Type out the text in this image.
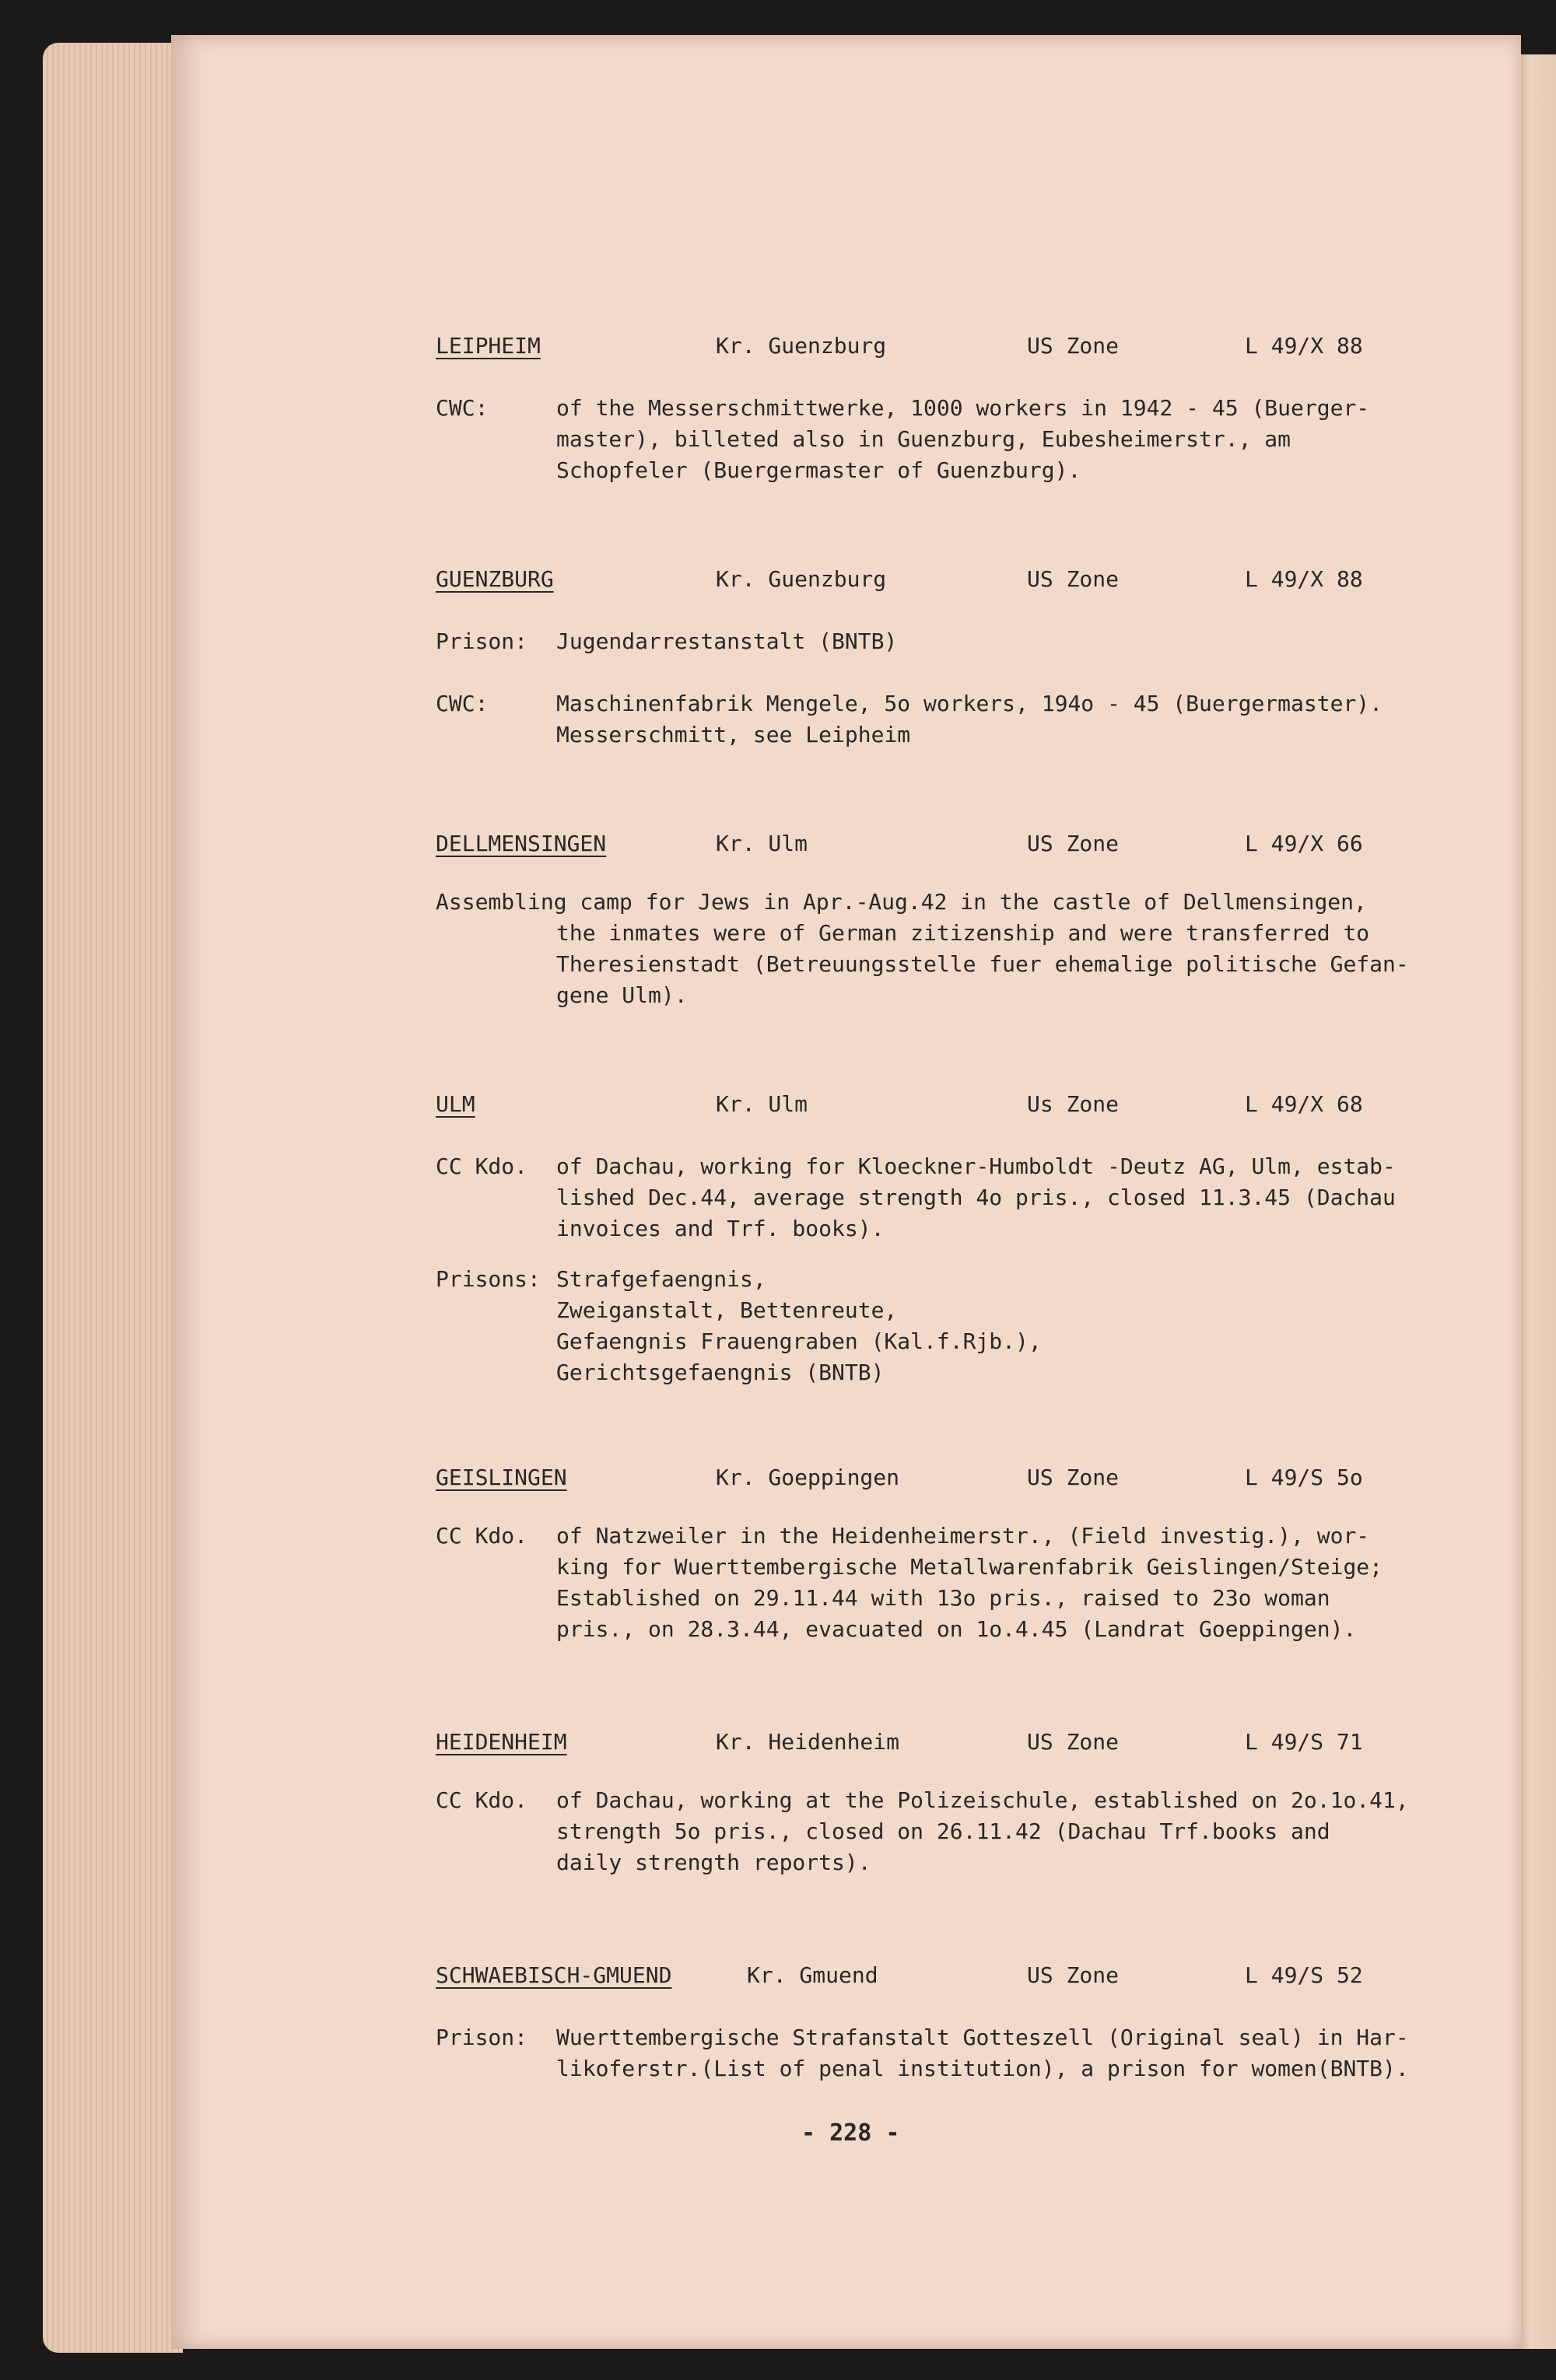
LEIPHEIM	Kr. Guenzburg	US Zone	L 49/X 88
CWC:	of the Messerschmittwerke, 1000 workers in 1942 - 45 (Buerger-
master), billeted also in Guenzburg, Eubesheimerstr., am
Schopfeler (Buergermaster of Guenzburg).
GUENZBURG	Kr. Guenzburg	US Zone	L 49/X 88
Prison: Jugendarrestanstalt (BNTB)
CWC:	Maschinenfabrik Mengele, 5o workers, 194o - 45 (Buergermaster).
Messerschmitt, see Leipheim
DELLMENSINGEN	Kr. Ulm	US Zone	L 49/X 66
Assembling camp for Jews in Apr.-Aug.42 in the castle of Dellmensingen,
the inmates were of German zitizenship and were transferred to
Theresienstadt (Betreuungsstelle fuer ehemalige politische Gefan-
gene Ulm).
ULM	Kr. Ulm	Us Zone	L 49/X 68
CC Kdo. of Dachau, working for Kloeckner-Humboldt -Deutz AG, Ulm, estab-
lished Dec.44, average strength 4o pris., closed 11.3.45 (Dachau
invoices and Trf. books).
Prisons: Strafgefaengnis,
Zweiganstalt, Bettenreute,
Gefaengnis Frauengraben (Kal.f.Rjb.),
Gerichtsgefaengnis (BNTB)
GEISLINGEN	Kr. Goeppingen	US Zone	L 49/S 5o
CC Kdo. of Natzweiler in the Heidenheimerstr., (Field investig.), wor-
king for Wuerttembergische Metallwarenfabrik Geislingen/Steige;
Established on 29.11.44 with 13o pris., raised to 23o woman
pris., on 28.3.44, evacuated on 1o.4.45 (Landrat Goeppingen).
HEIDENHEIM	Kr. Heidenheim	US Zone	L 49/S 71
CC Kdo. of Dachau, working at the Polizeischule, established on 2o.1o.41,
strength 5o pris., closed on 26.11.42 (Dachau Trf.books and
daily strength reports).
SCHWAEBISCH-GMUEND	Kr. Gmuend	US Zone	L 49/S 52
Prison: Wuerttembergische Strafanstalt Gotteszell (Original seal) in Har-
likoferstr.(List of penal institution), a prison for women(BNTB).
- 228 -
